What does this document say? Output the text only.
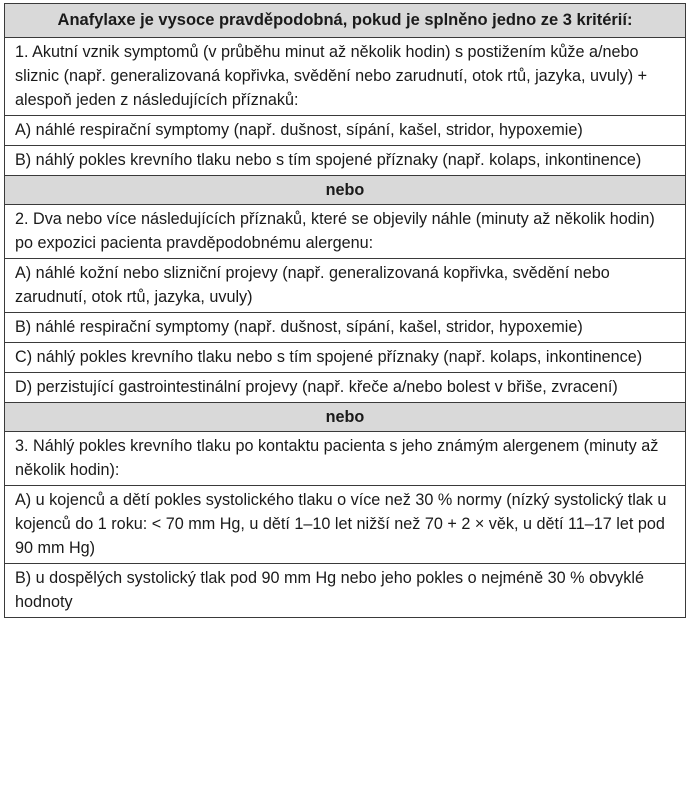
Anafylaxe je vysoce pravděpodobná, pokud je splněno jedno ze 3 kritérií:
1. Akutní vznik symptomů (v průběhu minut až několik hodin) s postižením kůže a/nebo sliznic (např. generalizovaná kopřivka, svědění nebo zarudnutí, otok rtů, jazyka, uvuly) + alespoň jeden z následujících příznaků:
A) náhlé respirační symptomy (např. dušnost, sípání, kašel, stridor, hypoxemie)
B) náhlý pokles krevního tlaku nebo s tím spojené příznaky (např. kolaps, inkontinence)
nebo
2. Dva nebo více následujících příznaků, které se objevily náhle (minuty až několik hodin) po expozici pacienta pravděpodobnému alergenu:
A) náhlé kožní nebo slizniční projevy (např. generalizovaná kopřivka, svědění nebo zarudnutí, otok rtů, jazyka, uvuly)
B) náhlé respirační symptomy (např. dušnost, sípání, kašel, stridor, hypoxemie)
C) náhlý pokles krevního tlaku nebo s tím spojené příznaky (např. kolaps, inkontinence)
D) perzistující gastrointestinální projevy (např. křeče a/nebo bolest v břiše, zvracení)
nebo
3. Náhlý pokles krevního tlaku po kontaktu pacienta s jeho známým alergenem (minuty až několik hodin):
A) u kojenců a dětí pokles systolického tlaku o více než 30 % normy (nízký systolický tlak u kojenců do 1 roku: < 70 mm Hg, u dětí 1–10 let nižší než 70 + 2 × věk, u dětí 11–17 let pod 90 mm Hg)
B) u dospělých systolický tlak pod 90 mm Hg nebo jeho pokles o nejméně 30 % obvyklé hodnoty
